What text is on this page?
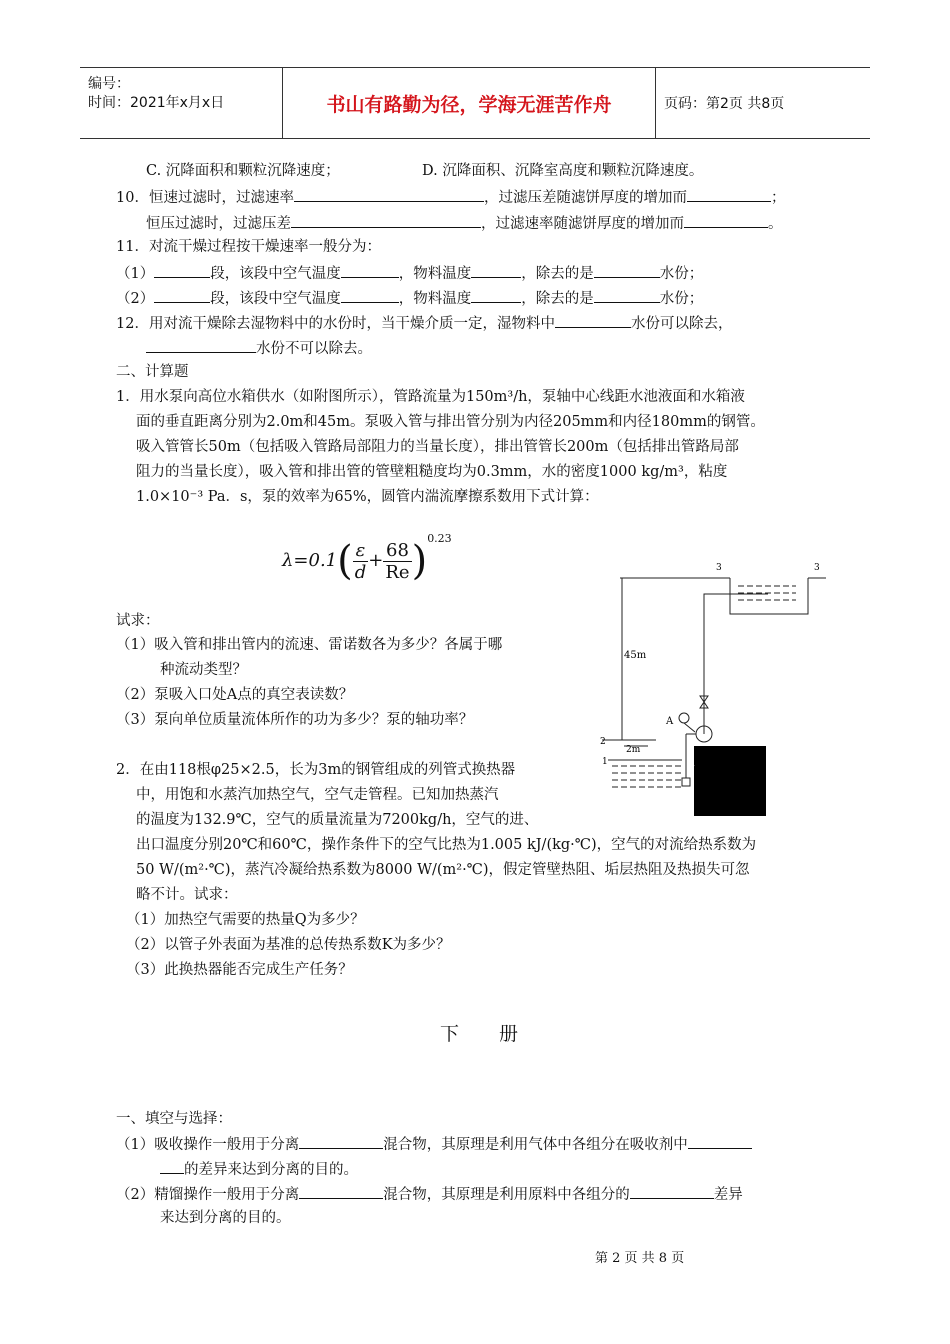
编号：
时间：2021年x月x日	书山有路勤为径，学海无涯苦作舟	页码：第2页 共8页
C. 沉降面积和颗粒沉降速度；	D. 沉降面积、沉降室高度和颗粒沉降速度。
10．恒速过滤时，过滤速率	，过滤压差随滤饼厚度的增加而	；
恒压过滤时，过滤压差	，过滤速率随滤饼厚度的增加而	。
11．对流干燥过程按干燥速率一般分为：
（1）	段，该段中空气温度	，物料温度	，除去的是	水份；
（2）	段，该段中空气温度	，物料温度	，除去的是	水份；
12．用对流干燥除去湿物料中的水份时，当干燥介质一定，湿物料中	水份可以除去，
水份不可以除去。
二、计算题
1．用水泵向高位水箱供水（如附图所示），管路流量为150m³/h，泵轴中心线距水池液面和水箱液
面的垂直距离分别为2.0m和45m。泵吸入管与排出管分别为内径205mm和内径180mm的钢管。
吸入管管长50m（包括吸入管路局部阻力的当量长度），排出管管长200m（包括排出管路局部
阻力的当量长度），吸入管和排出管的管壁粗糙度均为0.3mm，水的密度1000 kg/m³，粘度
1.0×10⁻³ Pa．s，泵的效率为65%，圆管内湍流摩擦系数用下式计算：
$\lambda=0.1( \frac{\varepsilon}{d} + \frac{68}{Re} )^{0.23}$
试求：
（1）吸入管和排出管内的流速、雷诺数各为多少？各属于哪
种流动类型？
（2）泵吸入口处A点的真空表读数？
（3）泵向单位质量流体所作的功为多少？泵的轴功率？
45m
2m
A
2
1
3	3
1
2．在由118根φ25×2.5，长为3m的钢管组成的列管式换热器
中，用饱和水蒸汽加热空气，空气走管程。已知加热蒸汽
的温度为132.9℃，空气的质量流量为7200kg/h，空气的进、
出口温度分别20℃和60℃，操作条件下的空气比热为1.005 kJ/(kg·℃)，空气的对流给热系数为
50 W/(m²·℃)，蒸汽冷凝给热系数为8000 W/(m²·℃)，假定管壁热阻、垢层热阻及热损失可忽
略不计。试求：
（1）加热空气需要的热量Q为多少？
（2）以管子外表面为基准的总传热系数K为多少？
（3）此换热器能否完成生产任务？
下册
一、填空与选择：
（1）吸收操作一般用于分离	混合物，其原理是利用气体中各组分在吸收剂中
的差异来达到分离的目的。
（2）精馏操作一般用于分离	混合物，其原理是利用原料中各组分的	差异
来达到分离的目的。
第 2 页 共 8 页
